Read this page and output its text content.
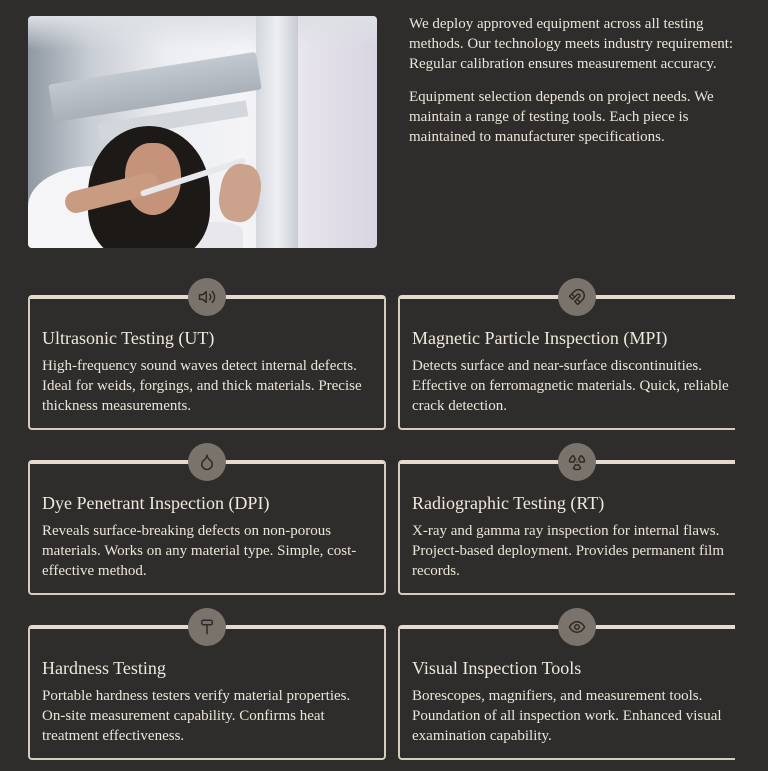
We deploy approved equipment across all testing methods. Our technology meets industry requirement: Regular calibration ensures measurement accuracy.

Equipment selection depends on project needs. We maintain a range of testing tools. Each piece is maintained to manufacturer specifications.

Ultrasonic Testing (UT)

High-frequency sound waves detect internal defects. Ideal for weids, forgings, and thick materials. Precise thickness measurements.

Magnetic Particle Inspection (MPI)

Detects surface and near-surface discontinuities. Effective on ferromagnetic materials. Quick, reliable crack detection.

Dye Penetrant Inspection (DPI)

Reveals surface-breaking defects on non-porous materials. Works on any material type. Simple, cost-effective method.

Radiographic Testing (RT)

X-ray and gamma ray inspection for internal flaws. Project-based deployment. Provides permanent film records.

Hardness Testing

Portable hardness testers verify material properties. On-site measurement capability. Confirms heat treatment effectiveness.

Visual Inspection Tools

Borescopes, magnifiers, and measurement tools. Poundation of all inspection work. Enhanced visual examination capability.
